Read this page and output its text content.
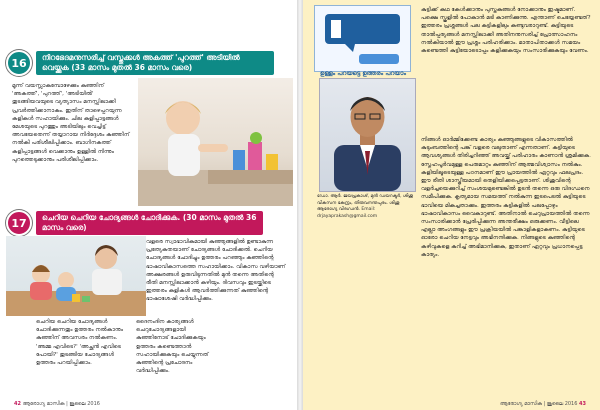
16	നിറഭേദമനുസരിച്ച് വസ്തുക്കൾ അകത്ത് 'പുറത്ത്' അടിയിൽ വെയ്ക്കുക (33 മാസം മുതൽ 36 മാസം വരെ)
മൂന്ന് വയസ്സാകുമ്പോഴേക്കും കുഞ്ഞിന് 'അകത്ത്', 'പുറത്ത്', 'അടിയിൽ' തുടങ്ങിയവയുടെ വ്യത്യാസം മനസ്സിലാക്കി പ്രവർത്തിക്കാനാകും. ഇതിന് താഴെപ്പറയുന്ന കളികൾ സഹായിക്കും. ചില കളിപ്പാട്ടങ്ങൾ മേശയുടെ പുറത്തും അടിയിലും വെച്ചിട്ട് അവയേതെന്ന് തയ്യാറായ നിർദ്ദേശം കുഞ്ഞിന് നൽകി പരിശീലിപ്പിക്കാം. ബാഗിനകത്ത് കളിപ്പാട്ടങ്ങൾ വെക്കാനും ഉള്ളിൽ നിന്നും പുറത്തെടുക്കാനും പരിശീലിപ്പിക്കാം.
17	ചെറിയ ചെറിയ ചോദ്യങ്ങൾ ചോദിക്കുക. (30 മാസം മുതൽ 36 മാസം വരെ)
വളരെ സ്വാഭാവികമായി കുഞ്ഞുങ്ങളിൽ ഉണ്ടാകുന്ന പ്രത്യേകതയാണ് ചോദ്യങ്ങൾ ചോദിക്കൽ. ചെറിയ ചോദ്യങ്ങൾ ചോദിച്ചും ഉത്തരം പറഞ്ഞും കുഞ്ഞിന്റെ ഭാഷാവികാസത്തെ സഹായിക്കാം. വികാസ വഴിയാണ് അക്ഷരങ്ങൾ ഉരുവിടുന്നതിൽ മുൻ തന്നെ അതിന്റെ രീതി മനസ്സിലാക്കാൻ കഴിയും. ദിവസവും ഇടയ്ക്കിടെ ഇത്തരം കളികൾ ആവർത്തിക്കുന്നത് കുഞ്ഞിന്റെ ഭാഷാശേഷി വർദ്ധിപ്പിക്കും.
ചെറിയ ചെറിയ ചോദ്യങ്ങൾ ചോദിക്കുന്നതും ഉത്തരം നൽകാനും കുഞ്ഞിന് അവസരം നൽകണം. 'അമ്മ എവിടെ?' 'അച്ഛൻ എവിടെ പോയി?' തുടങ്ങിയ ചോദ്യങ്ങൾ ഉത്തരം പറയിപ്പിക്കാം.
ദൈനംദിന കാര്യങ്ങൾ ചെറുചോദ്യങ്ങളായി കുഞ്ഞിനോട് ചോദിക്കുകയും ഉത്തരം കണ്ടെത്താൻ സഹായിക്കുകയും ചെയ്യുന്നത് കുഞ്ഞിന്റെ പ്രചോദനം വർദ്ധിപ്പിക്കും.
42 ആരോഗ്യ മാസിക | ജൂലൈ 2016
ഉള്ളം പറയട്ടെ ഉത്തരം പറയാം
ഡോ. ആർ. ജയപ്രകാശ്, മുൻ ഡയറക്ടർ, ശിശു വികസന കേന്ദ്രം, തിരുവനന്തപുരം. ശിശു ആരോഗ്യ വിദഗ്ധൻ. Email: drjayaprakash@gmail.com
കുട്ടിക്ക് കഥ കേൾക്കാനും പുസ്തകങ്ങൾ നോക്കാനും ഇഷ്ടമാണ്. പക്ഷെ സ്കൂളിൽ പോകാൻ മടി കാണിക്കുന്നു. എന്താണ് ചെയ്യേണ്ടത്? ഇത്തരം പ്രശ്നങ്ങൾ പല കുട്ടികളിലും കണ്ടുവരാറുണ്ട്. കുട്ടിയുടെ താൽപ്പര്യങ്ങൾ മനസ്സിലാക്കി അതിനനുസരിച്ച് പ്രോത്സാഹനം നൽകിയാൽ ഈ പ്രശ്നം പരിഹരിക്കാം. മാതാപിതാക്കൾ സമയം കണ്ടെത്തി കുട്ടിയോടൊപ്പം കളിക്കുകയും സംസാരിക്കുകയും വേണം.
നിങ്ങൾ ഓർമ്മിക്കേണ്ട കാര്യം കുഞ്ഞുങ്ങളുടെ വികാസത്തിൽ കുടുംബത്തിന്റെ പങ്ക് വളരെ വലുതാണ് എന്നതാണ്. കുട്ടിയുടെ ആവശ്യങ്ങൾ തിരിച്ചറിഞ്ഞ് അവയ്ക്ക് പരിഹാരം കാണാൻ ശ്രമിക്കുക. സ്നേഹപൂർവമുള്ള പെരുമാറ്റം കുഞ്ഞിന് ആത്മവിശ്വാസം നൽകും. കളിയിലൂടെയുള്ള പഠനമാണ് ഈ പ്രായത്തിൽ ഏറ്റവും ഫലപ്രദം. ഈ രീതി ശാസ്ത്രീയമായി തെളിയിക്കപ്പെട്ടതാണ്. ശിശുവിന്റെ വളർച്ചയെക്കുറിച്ച് സംശയമുണ്ടെങ്കിൽ ഉടൻ തന്നെ ഒരു വിദഗ്ധനെ സമീപിക്കുക. കൃത്യമായ സമയത്ത് നൽകുന്ന ഇടപെടൽ കുട്ടിയുടെ ഭാവിയെ മികച്ചതാക്കും. ഇത്തരം കുട്ടികളിൽ പലപ്പോഴും ഭാഷാവികാസം വൈകാറുണ്ട്. അതിനാൽ ചെറുപ്രായത്തിൽ തന്നെ സംസാരിക്കാൻ പ്രേരിപ്പിക്കുന്ന അന്തരീക്ഷം ഒരുക്കണം. വീട്ടിലെ എല്ലാ അംഗങ്ങളും ഈ പ്രക്രിയയിൽ പങ്കാളികളാകണം. കുട്ടിയുടെ ഓരോ ചെറിയ നേട്ടവും അഭിനന്ദിക്കുക. നിങ്ങളുടെ കുഞ്ഞിന്റെ കഴിവുകളെ കുറിച്ച് അഭിമാനിക്കുക, ഇതാണ് ഏറ്റവും പ്രധാനപ്പെട്ട കാര്യം.
ആരോഗ്യ മാസിക | ജൂലൈ 2016 43
